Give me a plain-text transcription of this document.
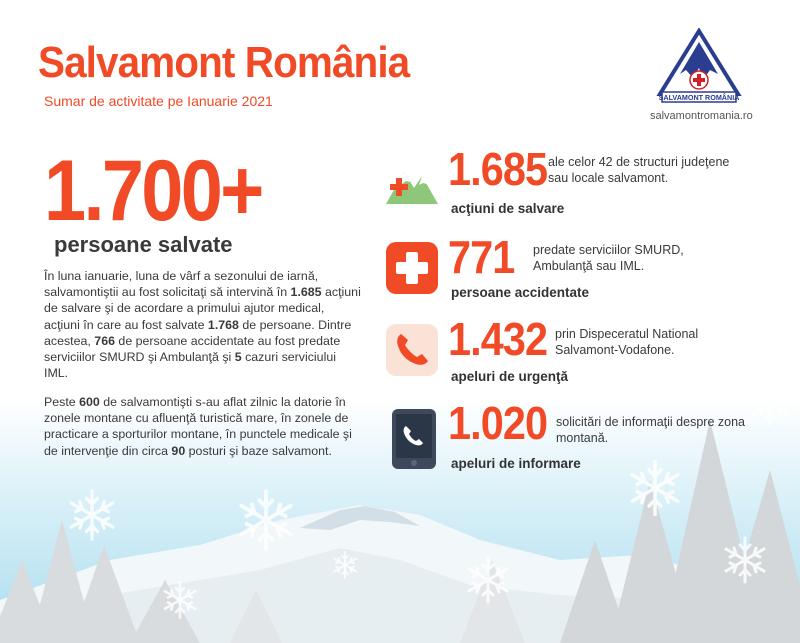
Salvamont România
Sumar de activitate pe Ianuarie 2021	SALVAMONT ROMÂNIA
salvamontromania.ro
1.700+
persoane salvate

În luna ianuarie, luna de vârf a sezonului de iarnă, salvamontiştii au fost solicitaţi să intervină în 1.685 acţiuni de salvare şi de acordare a primului ajutor medical, acţiuni în care au fost salvate 1.768 de persoane. Dintre acestea, 766 de persoane accidentate au fost predate serviciilor SMURD şi Ambulanţă şi 5 cazuri serviciului IML.

Peste 600 de salvamontişti s-au aflat zilnic la datorie în zonele montane cu afluenţă turistică mare, în zonele de practicare a sporturilor montane, în punctele medicale şi de intervenţie din circa 90 posturi şi baze salvamont.

1.685 ale celor 42 de structuri judeţene sau locale salvamont.
acţiuni de salvare
771 predate serviciilor SMURD, Ambulanţă sau IML.
persoane accidentate
1.432 prin Dispeceratul National Salvamont-Vodafone.
apeluri de urgenţă
1.020 solicitări de informaţii despre zona montană.
apeluri de informare
